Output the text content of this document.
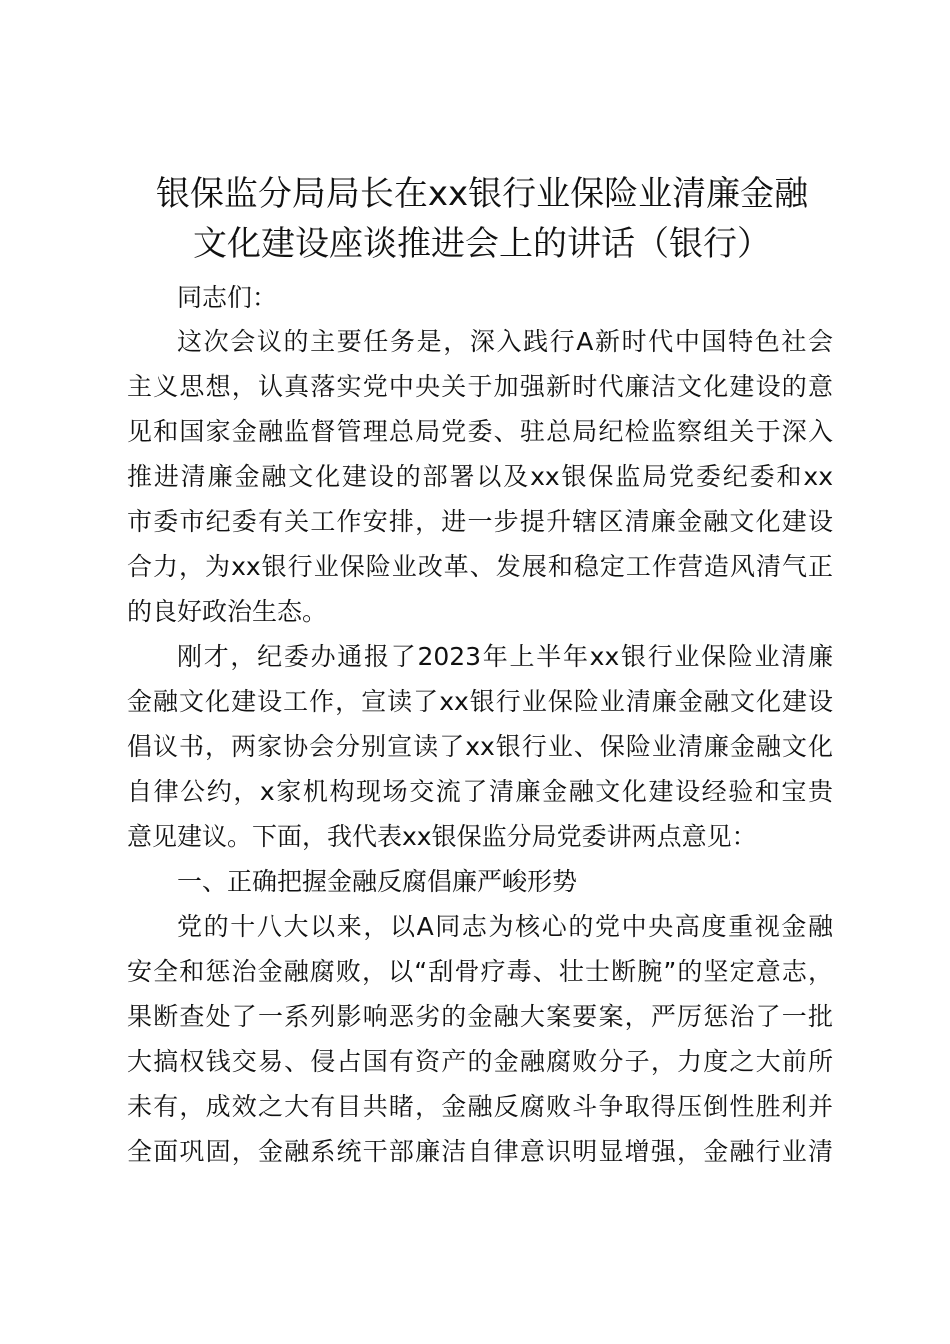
银保监分局局长在xx银行业保险业清廉金融
文化建设座谈推进会上的讲话（银行）
同志们：
这次会议的主要任务是，深入践行A新时代中国特色社会
主义思想，认真落实党中央关于加强新时代廉洁文化建设的意
见和国家金融监督管理总局党委、驻总局纪检监察组关于深入
推进清廉金融文化建设的部署以及xx银保监局党委纪委和xx
市委市纪委有关工作安排，进一步提升辖区清廉金融文化建设
合力，为xx银行业保险业改革、发展和稳定工作营造风清气正
的良好政治生态。
刚才，纪委办通报了2023年上半年xx银行业保险业清廉
金融文化建设工作，宣读了xx银行业保险业清廉金融文化建设
倡议书，两家协会分别宣读了xx银行业、保险业清廉金融文化
自律公约，x家机构现场交流了清廉金融文化建设经验和宝贵
意见建议。下面，我代表xx银保监分局党委讲两点意见：
一、正确把握金融反腐倡廉严峻形势
党的十八大以来，以A同志为核心的党中央高度重视金融
安全和惩治金融腐败，以“刮骨疗毒、壮士断腕”的坚定意志，
果断查处了一系列影响恶劣的金融大案要案，严厉惩治了一批
大搞权钱交易、侵占国有资产的金融腐败分子，力度之大前所
未有，成效之大有目共睹，金融反腐败斗争取得压倒性胜利并
全面巩固，金融系统干部廉洁自律意识明显增强，金融行业清
